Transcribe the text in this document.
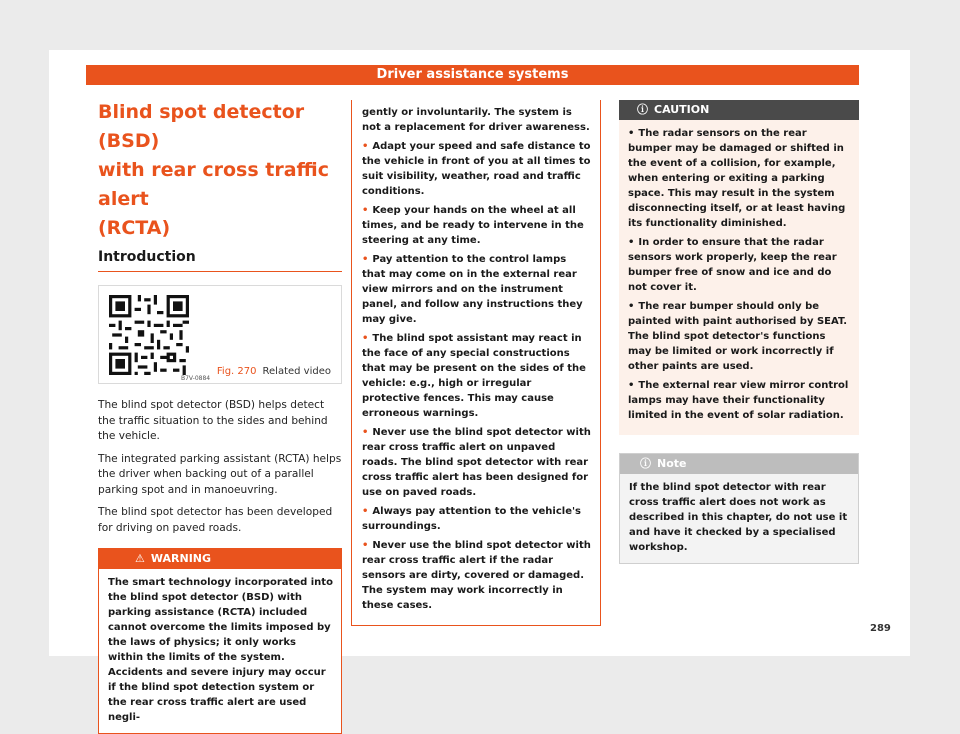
Driver assistance systems
Blind spot detector (BSD)
with rear cross traffic alert
(RCTA)
Introduction
B7V-0884
Fig. 270 Related video

The blind spot detector (BSD) helps detect the traffic situation to the sides and behind the vehicle.

The integrated parking assistant (RCTA) helps the driver when backing out of a parallel parking spot and in manoeuvring.

The blind spot detector has been developed for driving on paved roads.

⚠ WARNING
The smart technology incorporated into the blind spot detector (BSD) with parking assistance (RCTA) included cannot overcome the limits imposed by the laws of physics; it only works within the limits of the system. Accidents and severe injury may occur if the blind spot detection system or the rear cross traffic alert are used negli-

gently or involuntarily. The system is not a replacement for driver awareness.

• Adapt your speed and safe distance to the vehicle in front of you at all times to suit visibility, weather, road and traffic conditions.

• Keep your hands on the wheel at all times, and be ready to intervene in the steering at any time.

• Pay attention to the control lamps that may come on in the external rear view mirrors and on the instrument panel, and follow any instructions they may give.

• The blind spot assistant may react in the face of any special constructions that may be present on the sides of the vehicle: e.g., high or irregular protective fences. This may cause erroneous warnings.

• Never use the blind spot detector with rear cross traffic alert on unpaved roads. The blind spot detector with rear cross traffic alert has been designed for use on paved roads.

• Always pay attention to the vehicle's surroundings.

• Never use the blind spot detector with rear cross traffic alert if the radar sensors are dirty, covered or damaged. The system may work incorrectly in these cases.

ⓘ CAUTION

• The radar sensors on the rear bumper may be damaged or shifted in the event of a collision, for example, when entering or exiting a parking space. This may result in the system disconnecting itself, or at least having its functionality diminished.

• In order to ensure that the radar sensors work properly, keep the rear bumper free of snow and ice and do not cover it.

• The rear bumper should only be painted with paint authorised by SEAT. The blind spot detector's functions may be limited or work incorrectly if other paints are used.

• The external rear view mirror control lamps may have their functionality limited in the event of solar radiation.

ⓘ Note
If the blind spot detector with rear cross traffic alert does not work as described in this chapter, do not use it and have it checked by a specialised workshop.
289
